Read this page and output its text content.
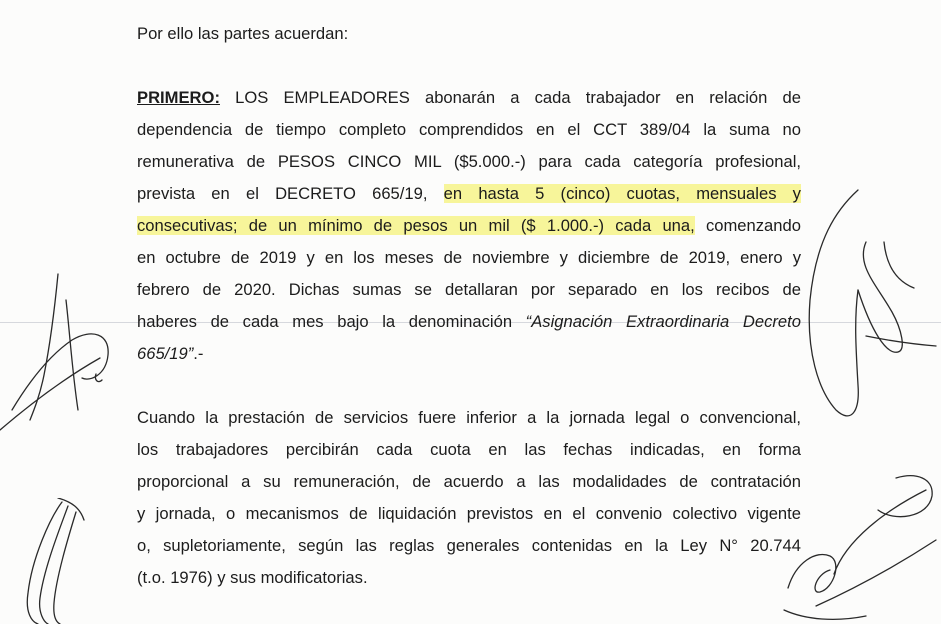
Por ello las partes acuerdan:
PRIMERO: LOS EMPLEADORES abonarán a cada trabajador en relación de
dependencia de tiempo completo comprendidos en el CCT 389/04 la suma no
remunerativa de PESOS CINCO MIL ($5.000.-) para cada categoría profesional,
prevista en el DECRETO 665/19, en hasta 5 (cinco) cuotas, mensuales y
consecutivas; de un mínimo de pesos un mil ($ 1.000.-) cada una, comenzando
en octubre de 2019 y en los meses de noviembre y diciembre de 2019, enero y
febrero de 2020. Dichas sumas se detallaran por separado en los recibos de
haberes de cada mes bajo la denominación “Asignación Extraordinaria Decreto
665/19”.-
Cuando la prestación de servicios fuere inferior a la jornada legal o convencional,
los trabajadores percibirán cada cuota en las fechas indicadas, en forma
proporcional a su remuneración, de acuerdo a las modalidades de contratación
y jornada, o mecanismos de liquidación previstos en el convenio colectivo vigente
o, supletoriamente, según las reglas generales contenidas en la Ley N° 20.744
(t.o. 1976) y sus modificatorias.
